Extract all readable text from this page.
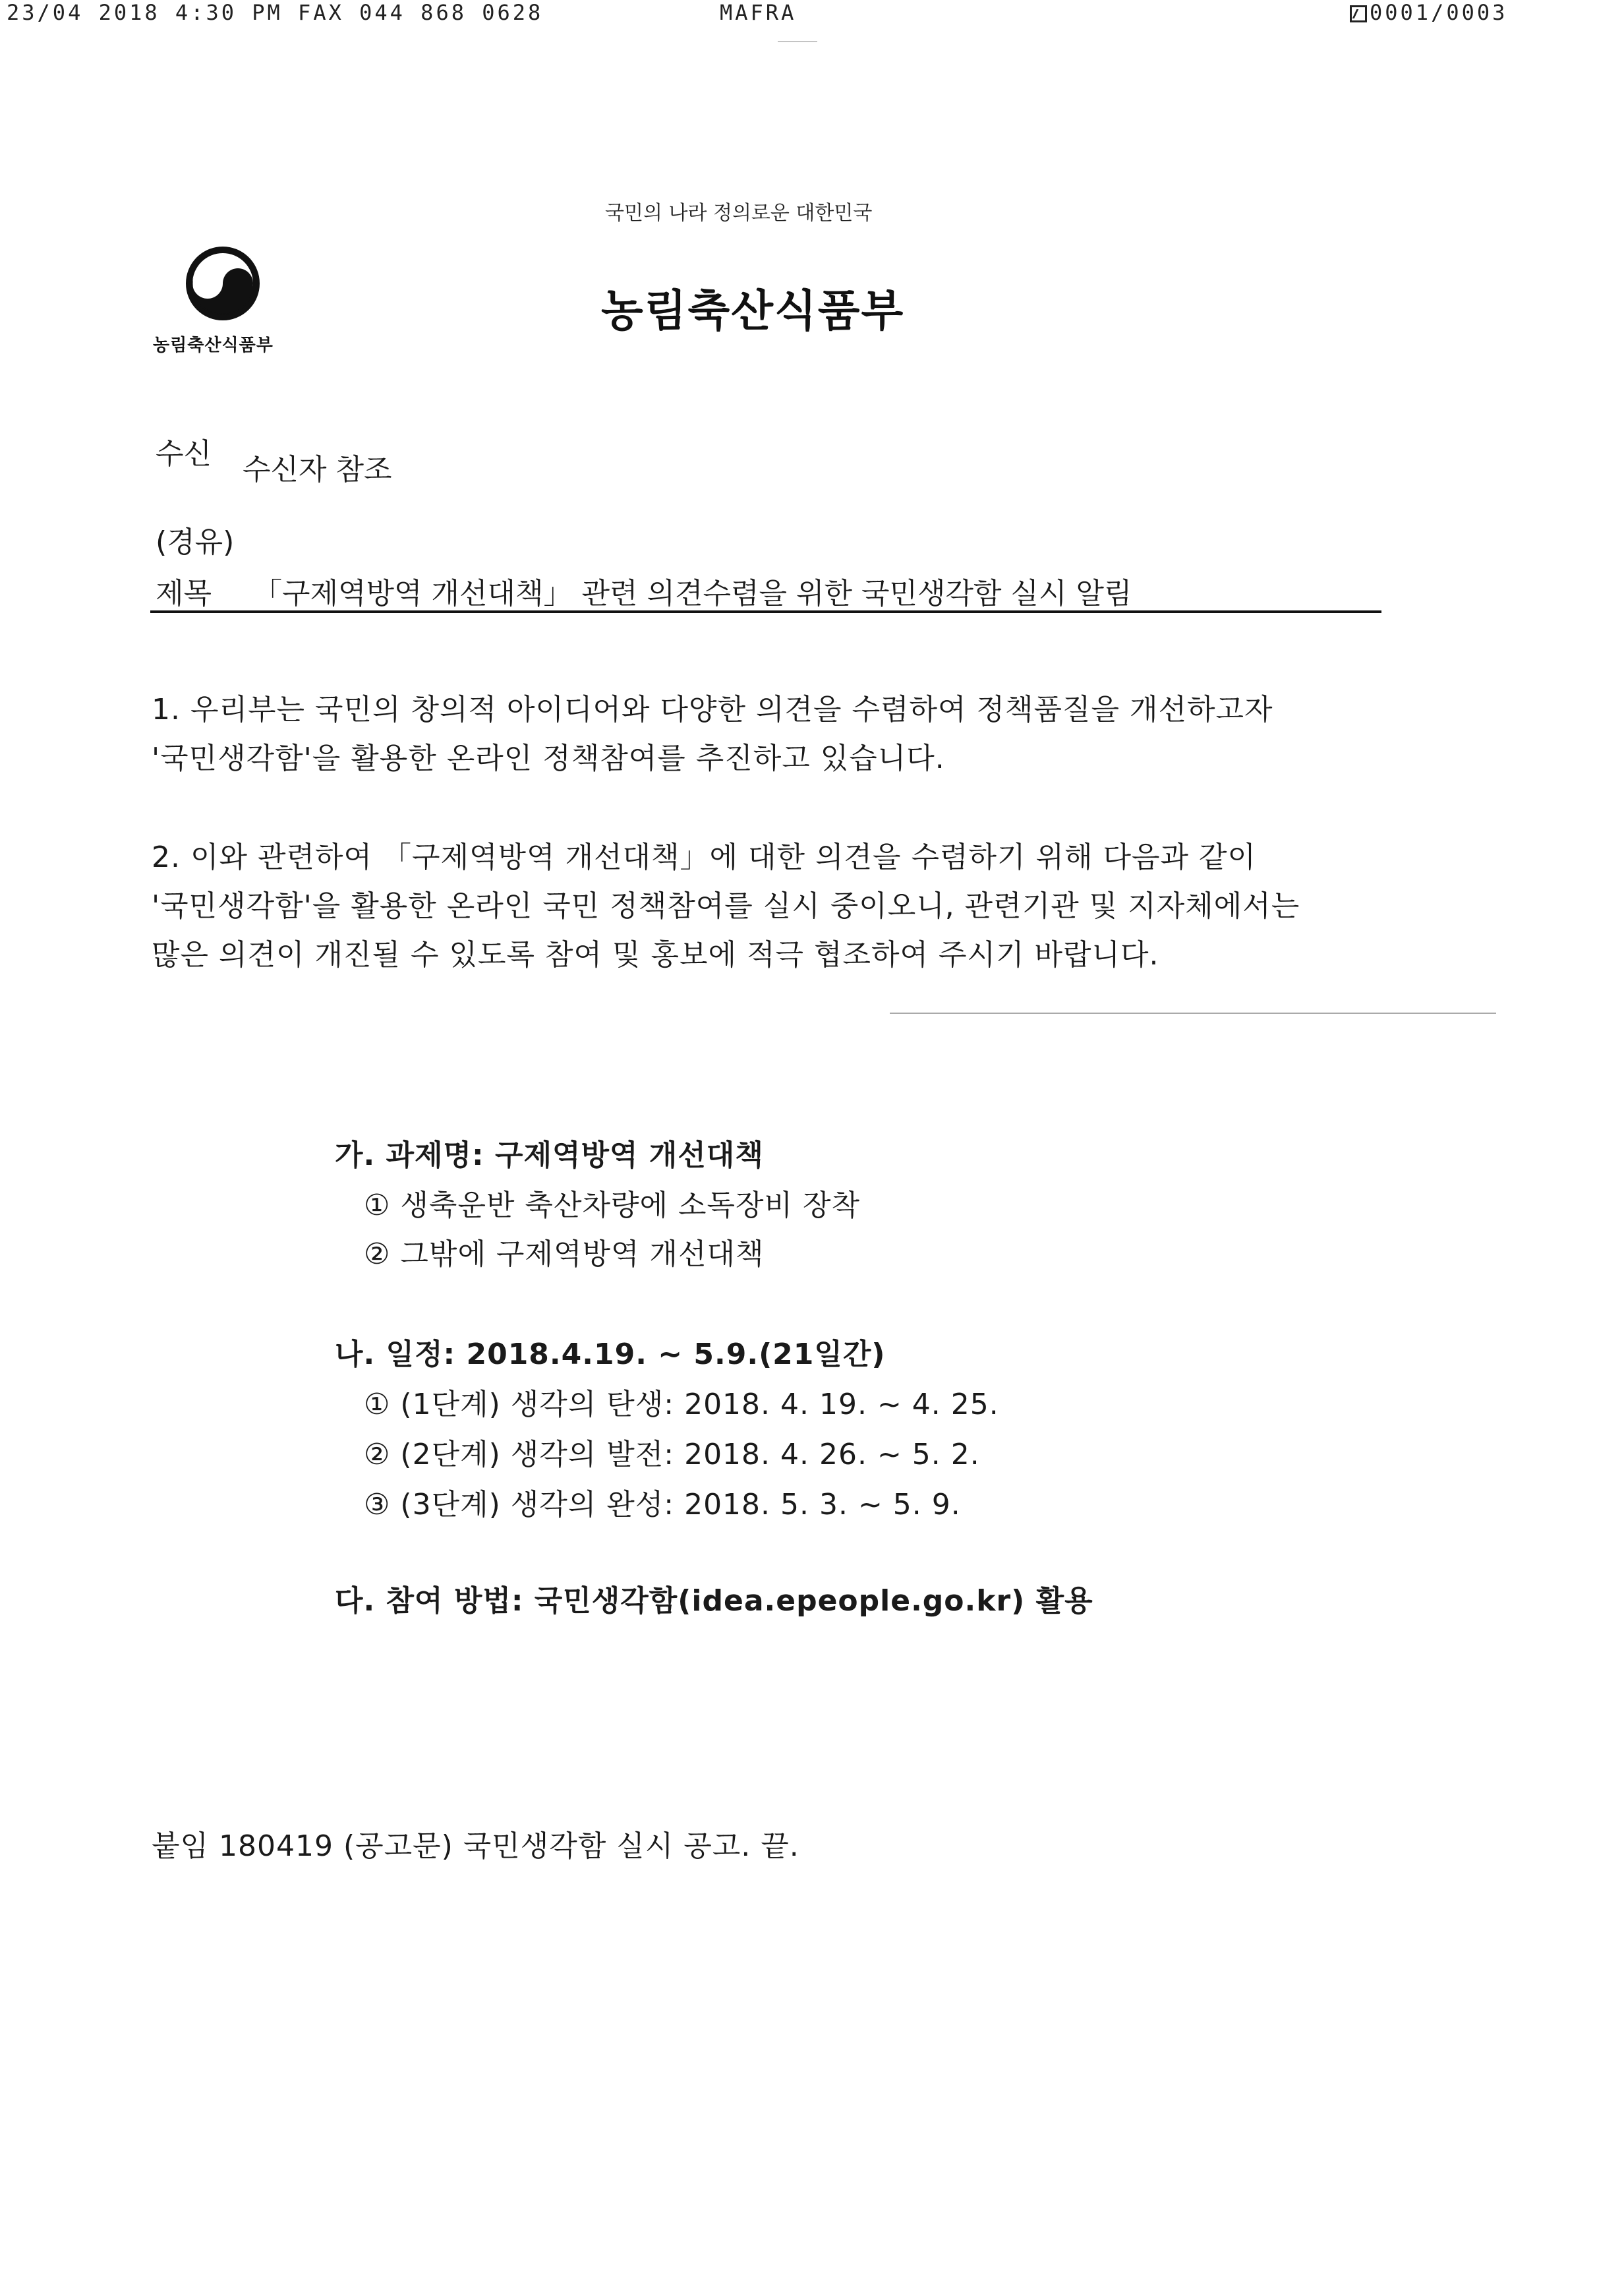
23/04 2018 4:30 PM FAX 044 868 0628	MAFRA	0001/0003
국민의 나라 정의로운 대한민국
농림축산식품부
농림축산식품부
수신 수신자 참조
(경유)
제목 「구제역방역 개선대책」 관련 의견수렴을 위한 국민생각함 실시 알림
1. 우리부는 국민의 창의적 아이디어와 다양한 의견을 수렴하여 정책품질을 개선하고자
'국민생각함'을 활용한 온라인 정책참여를 추진하고 있습니다.
2. 이와 관련하여 「구제역방역 개선대책」에 대한 의견을 수렴하기 위해 다음과 같이
'국민생각함'을 활용한 온라인 국민 정책참여를 실시 중이오니, 관련기관 및 지자체에서는
많은 의견이 개진될 수 있도록 참여 및 홍보에 적극 협조하여 주시기 바랍니다.
가. 과제명: 구제역방역 개선대책
① 생축운반 축산차량에 소독장비 장착
② 그밖에 구제역방역 개선대책
나. 일정: 2018.4.19. ~ 5.9.(21일간)
① (1단계) 생각의 탄생: 2018. 4. 19. ~ 4. 25.
② (2단계) 생각의 발전: 2018. 4. 26. ~ 5. 2.
③ (3단계) 생각의 완성: 2018. 5. 3. ~ 5. 9.
다. 참여 방법: 국민생각함(idea.epeople.go.kr) 활용
붙임 180419 (공고문) 국민생각함 실시 공고. 끝.
